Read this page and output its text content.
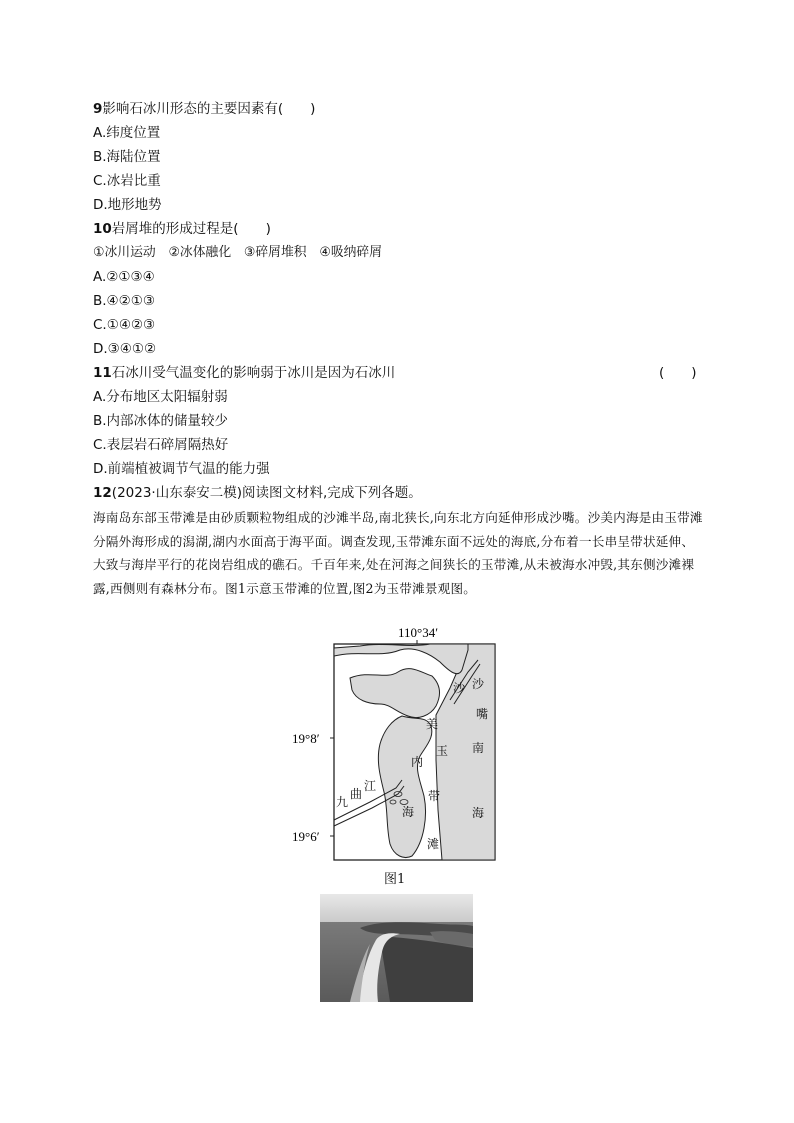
9影响石冰川形态的主要因素有(　　)
A.纬度位置
B.海陆位置
C.冰岩比重
D.地形地势
10岩屑堆的形成过程是(　　)
①冰川运动　②冰体融化　③碎屑堆积　④吸纳碎屑
A.②①③④
B.④②①③
C.①④②③
D.③④①②
11石冰川受气温变化的影响弱于冰川是因为石冰川	(　　)
A.分布地区太阳辐射弱
B.内部冰体的储量较少
C.表层岩石碎屑隔热好
D.前端植被调节气温的能力强
12(2023·山东泰安二模)阅读图文材料,完成下列各题。
海南岛东部玉带滩是由砂质颗粒物组成的沙滩半岛,南北狭长,向东北方向延伸形成沙嘴。沙美内海是由玉带滩分隔外海形成的潟湖,湖内水面高于海平面。调查发现,玉带滩东面不远处的海底,分布着一长串呈带状延伸、大致与海岸平行的花岗岩组成的礁石。千百年来,处在河海之间狭长的玉带滩,从未被海水冲毁,其东侧沙滩裸露,西侧则有森林分布。图1示意玉带滩的位置,图2为玉带滩景观图。
110°34′
19°8′
19°6′
沙
嘴
南
海
沙
美
内
海
玉
带
滩
九
曲
江
图1
